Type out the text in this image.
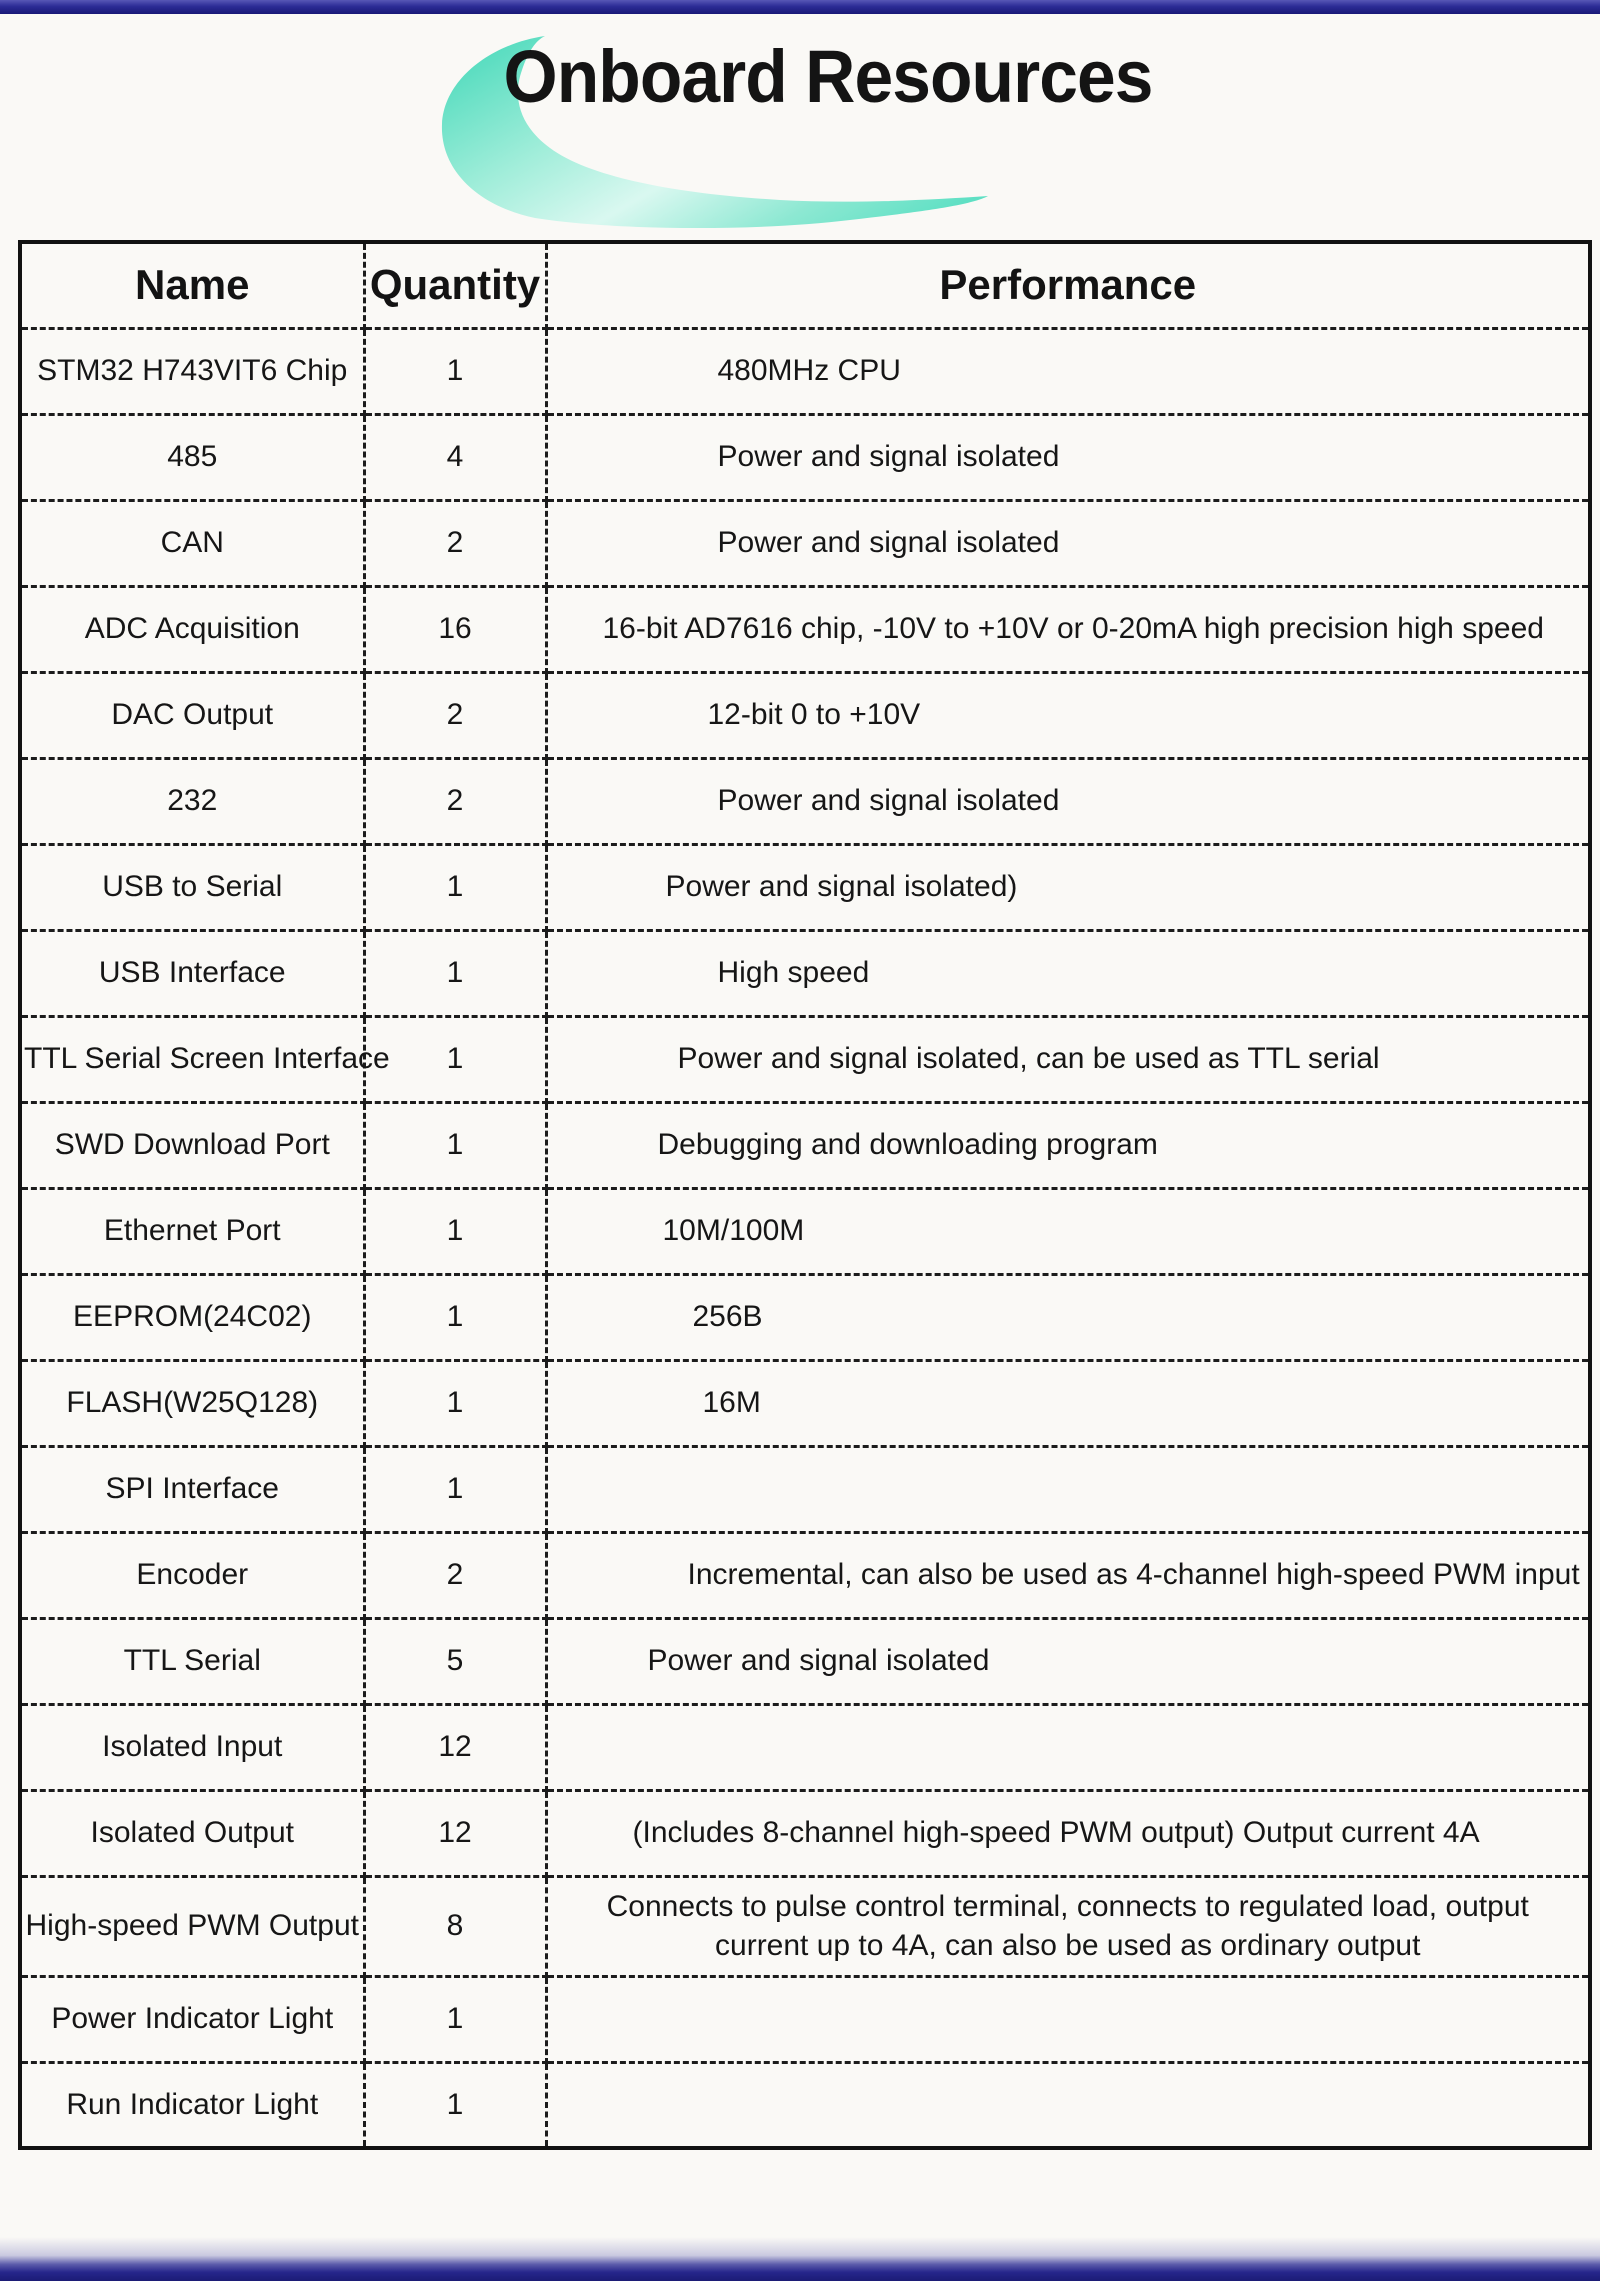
Onboard Resources
Name	Quantity	Performance
STM32 H743VIT6 Chip	1	480MHz CPU
485	4	Power and signal isolated
CAN	2	Power and signal isolated
ADC Acquisition	16	16-bit AD7616 chip, -10V to +10V or 0-20mA high precision high speed
DAC Output	2	12-bit 0 to +10V
232	2	Power and signal isolated
USB to Serial	1	Power and signal isolated)
USB Interface	1	High speed
TTL Serial Screen Interface	1	Power and signal isolated, can be used as TTL serial
SWD Download Port	1	Debugging and downloading program
Ethernet Port	1	10M/100M
EEPROM(24C02)	1	256B
FLASH(W25Q128)	1	16M
SPI Interface	1	
Encoder	2	Incremental, can also be used as 4-channel high-speed PWM input
TTL Serial	5	Power and signal isolated
Isolated Input	12	
Isolated Output	12	(Includes 8-channel high-speed PWM output) Output current 4A
High-speed PWM Output	8	Connects to pulse control terminal, connects to regulated load, output current up to 4A, can also be used as ordinary output
Power Indicator Light	1	
Run Indicator Light	1	
